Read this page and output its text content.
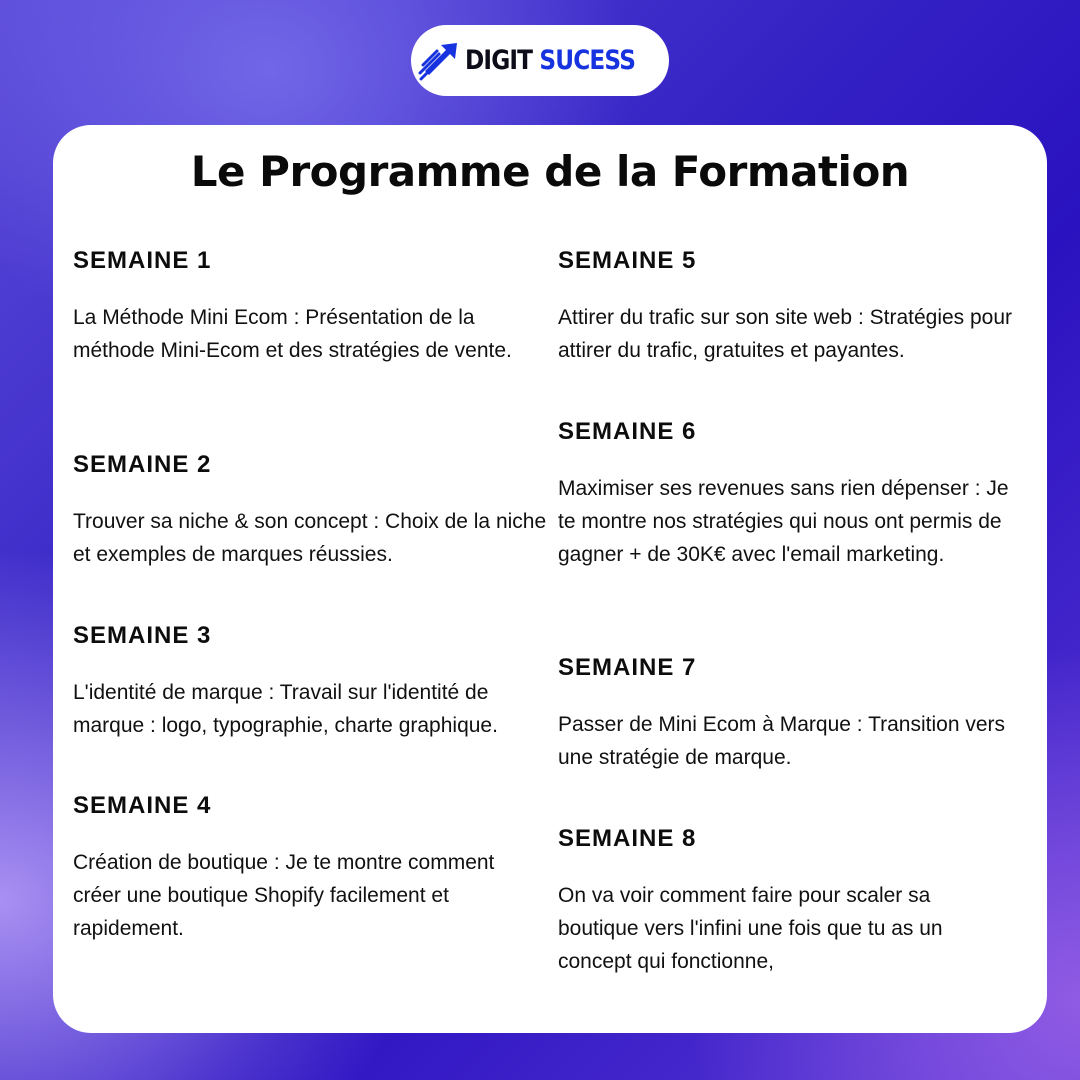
DIGIT SUCESS
Le Programme de la Formation

SEMAINE 1

La Méthode Mini Ecom : Présentation de la méthode Mini-Ecom et des stratégies de vente.

SEMAINE 2

Trouver sa niche & son concept : Choix de la niche et exemples de marques réussies.

SEMAINE 3

L'identité de marque : Travail sur l'identité de marque : logo, typographie, charte graphique.

SEMAINE 4

Création de boutique : Je te montre comment créer une boutique Shopify facilement et rapidement.

SEMAINE 5

Attirer du trafic sur son site web : Stratégies pour attirer du trafic, gratuites et payantes.

SEMAINE 6

Maximiser ses revenues sans rien dépenser : Je te montre nos stratégies qui nous ont permis de gagner + de 30K€ avec l'email marketing.

SEMAINE 7

Passer de Mini Ecom à Marque : Transition vers une stratégie de marque.

SEMAINE 8

On va voir comment faire pour scaler sa boutique vers l'infini une fois que tu as un concept qui fonctionne,
